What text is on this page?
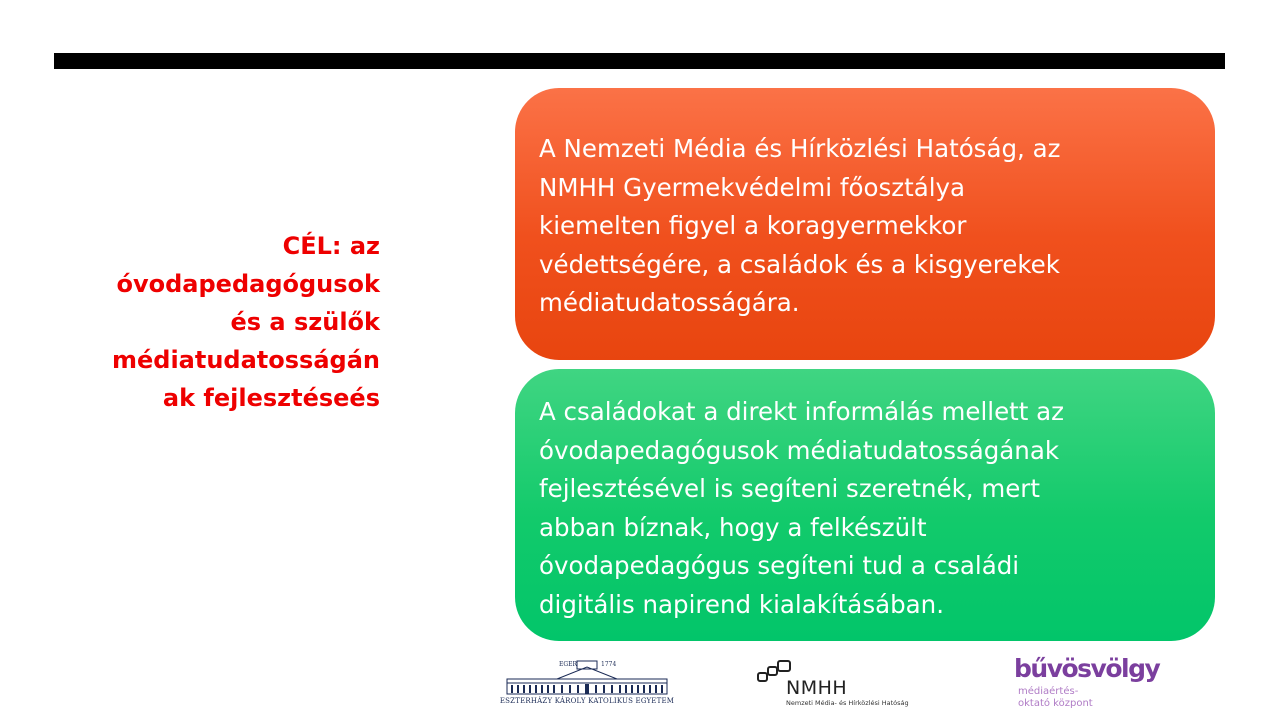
CÉL: az
óvodapedagógusok
és a szülők
médiatudatosságán
ak fejlesztéseés
A Nemzeti Média és Hírközlési Hatóság, az
NMHH Gyermekvédelmi főosztálya
kiemelten figyel a koragyermekkor
védettségére, a családok és a kisgyerekek
médiatudatosságára.
A családokat a direkt informálás mellett az
óvodapedagógusok médiatudatosságának
fejlesztésével is segíteni szeretnék, mert
abban bíznak, hogy a felkészült
óvodapedagógus segíteni tud a családi
digitális napirend kialakításában.
EGER	1774
ESZTERHÁZY KÁROLY KATOLIKUS EGYETEM
NMHH
Nemzeti Média- és Hírközlési Hatóság
bűvösvölgy
médiaértés-
oktató központ
